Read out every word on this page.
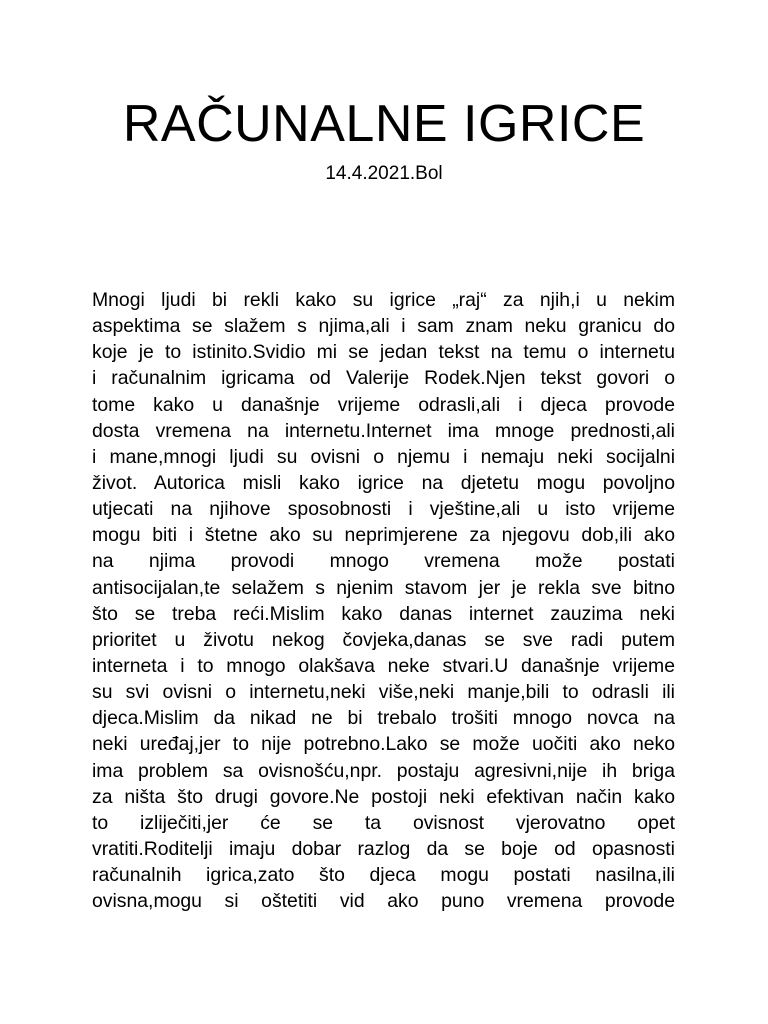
RAČUNALNE IGRICE
14.4.2021.Bol
Mnogi ljudi bi rekli kako su igrice „raj“ za njih,i u nekim
aspektima se slažem s njima,ali i sam znam neku granicu do
koje je to istinito.Svidio mi se jedan tekst na temu o internetu
i računalnim igricama od Valerije Rodek.Njen tekst govori o
tome kako u današnje vrijeme odrasli,ali i djeca provode
dosta vremena na internetu.Internet ima mnoge prednosti,ali
i mane,mnogi ljudi su ovisni o njemu i nemaju neki socijalni
život. Autorica misli kako igrice na djetetu mogu povoljno
utjecati na njihove sposobnosti i vještine,ali u isto vrijeme
mogu biti i štetne ako su neprimjerene za njegovu dob,ili ako
na njima provodi mnogo vremena može postati
antisocijalan,te selažem s njenim stavom jer je rekla sve bitno
što se treba reći.Mislim kako danas internet zauzima neki
prioritet u životu nekog čovjeka,danas se sve radi putem
interneta i to mnogo olakšava neke stvari.U današnje vrijeme
su svi ovisni o internetu,neki više,neki manje,bili to odrasli ili
djeca.Mislim da nikad ne bi trebalo trošiti mnogo novca na
neki uređaj,jer to nije potrebno.Lako se može uočiti ako neko
ima problem sa ovisnošću,npr. postaju agresivni,nije ih briga
za ništa što drugi govore.Ne postoji neki efektivan način kako
to izliječiti,jer će se ta ovisnost vjerovatno opet
vratiti.Roditelji imaju dobar razlog da se boje od opasnosti
računalnih igrica,zato što djeca mogu postati nasilna,ili
ovisna,mogu si oštetiti vid ako puno vremena provode
